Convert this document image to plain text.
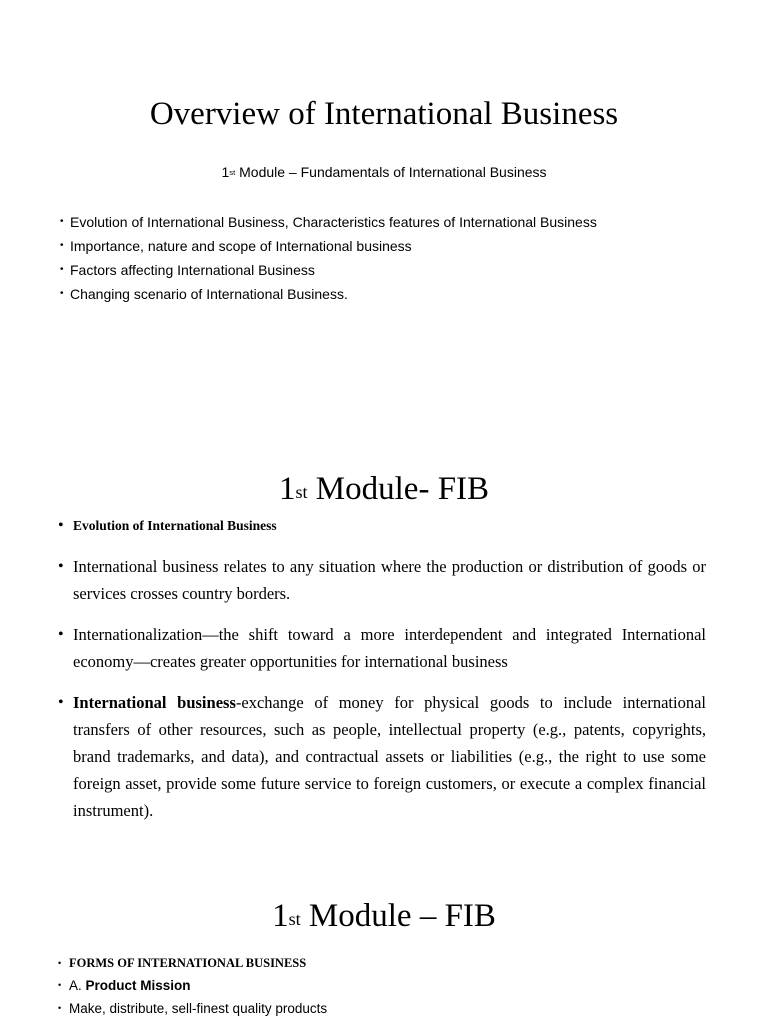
Overview of International Business
1st Module – Fundamentals of International Business
• Evolution of International Business, Characteristics features of International Business
• Importance, nature and scope of International business
• Factors affecting International Business
• Changing scenario of International Business.
1st Module- FIB
• Evolution of International Business
• International business relates to any situation where the production or distribution of goods or services crosses country borders.
• Internationalization—the shift toward a more interdependent and integrated International economy—creates greater opportunities for international business
• International business-exchange of money for physical goods to include international transfers of other resources, such as people, intellectual property (e.g., patents, copyrights, brand trademarks, and data), and contractual assets or liabilities (e.g., the right to use some foreign asset, provide some future service to foreign customers, or execute a complex financial instrument).
1st Module – FIB
• FORMS OF INTERNATIONAL BUSINESS
• A. Product Mission
• Make, distribute, sell-finest quality products
